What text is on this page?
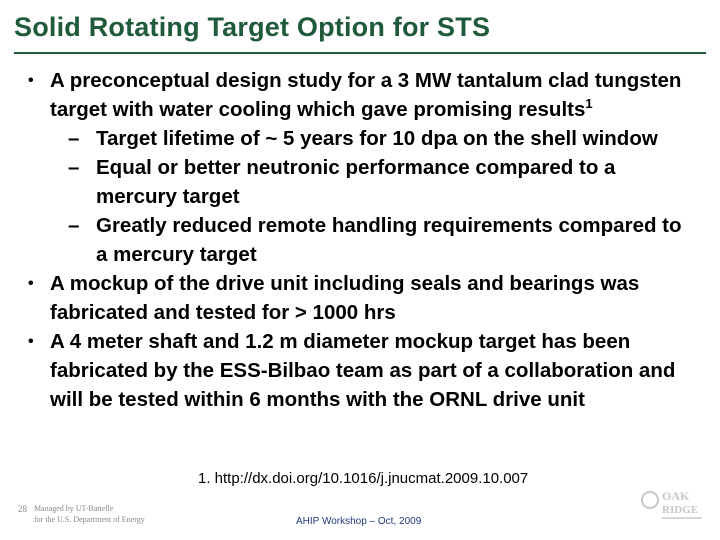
Solid Rotating Target Option for STS

• A preconceptual design study for a 3 MW tantalum clad tungsten target with water cooling which gave promising results$^1$

– Target lifetime of ~ 5 years for 10 dpa on the shell window

– Equal or better neutronic performance compared to a mercury target

– Greatly reduced remote handling requirements compared to a mercury target

• A mockup of the drive unit including seals and bearings was fabricated and tested for > 1000 hrs

• A 4 meter shaft and 1.2 m diameter mockup target has been fabricated by the ESS-Bilbao team as part of a collaboration and will be tested within 6 months with the ORNL drive unit

1. http://dx.doi.org/10.1016/j.jnucmat.2009.10.007
28 Managed by UT-Battelle
for the U.S. Department of Energy	AHIP Workshop – Oct, 2009
OAK
RIDGE
